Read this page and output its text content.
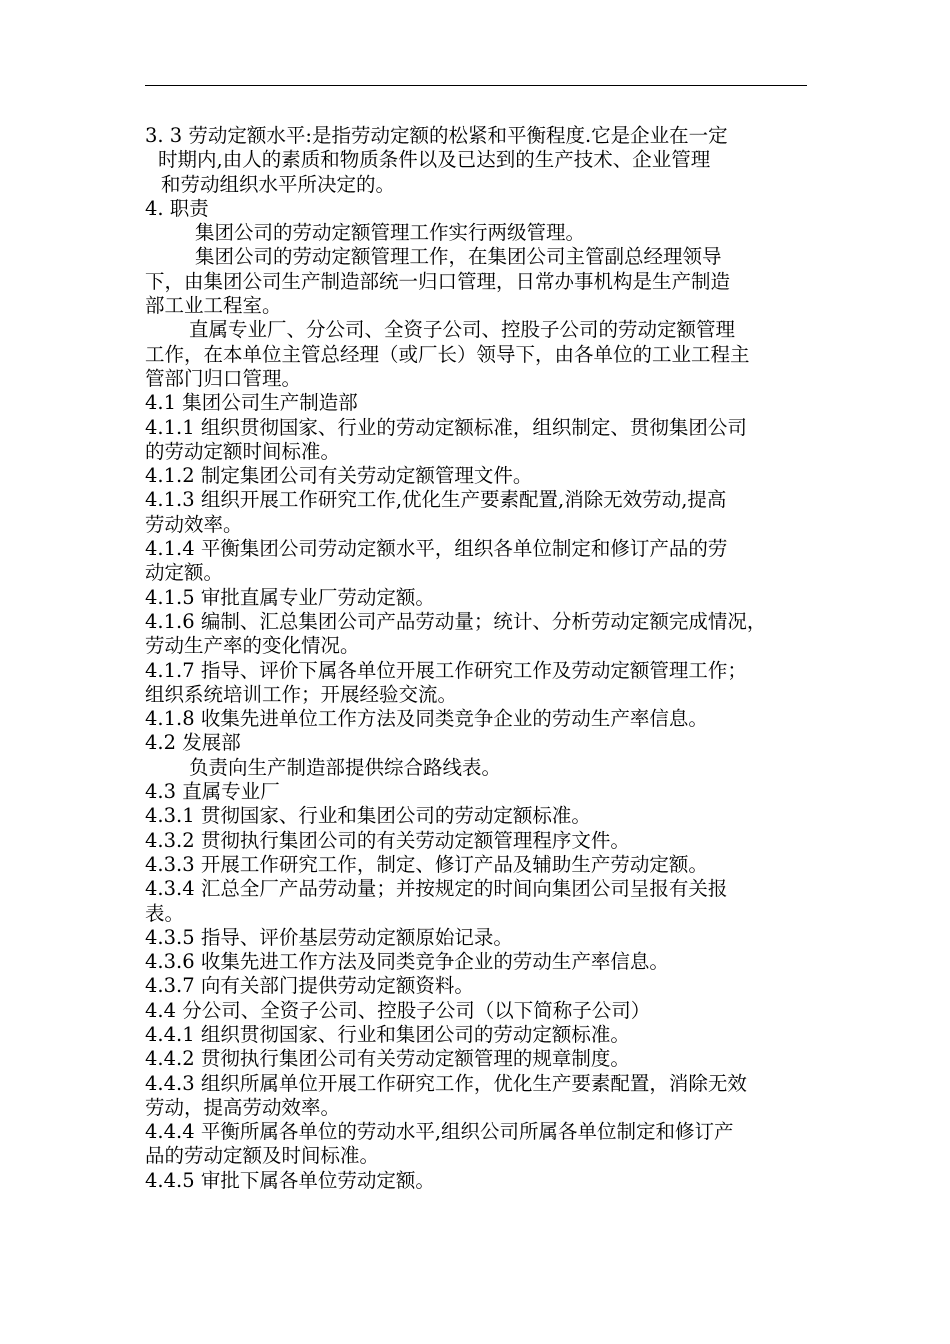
3. 3 劳动定额水平:是指劳动定额的松紧和平衡程度.它是企业在一定
时期内,由人的素质和物质条件以及已达到的生产技术、企业管理
和劳动组织水平所决定的。
4. 职责
集团公司的劳动定额管理工作实行两级管理。
集团公司的劳动定额管理工作，在集团公司主管副总经理领导
下，由集团公司生产制造部统一归口管理，日常办事机构是生产制造
部工业工程室。
直属专业厂、分公司、全资子公司、控股子公司的劳动定额管理
工作，在本单位主管总经理（或厂长）领导下，由各单位的工业工程主
管部门归口管理。
4.1 集团公司生产制造部
4.1.1 组织贯彻国家、行业的劳动定额标准，组织制定、贯彻集团公司
的劳动定额时间标准。
4.1.2 制定集团公司有关劳动定额管理文件。
4.1.3 组织开展工作研究工作,优化生产要素配置,消除无效劳动,提高
劳动效率。
4.1.4 平衡集团公司劳动定额水平，组织各单位制定和修订产品的劳
动定额。
4.1.5 审批直属专业厂劳动定额。
4.1.6 编制、汇总集团公司产品劳动量；统计、分析劳动定额完成情况，
劳动生产率的变化情况。
4.1.7 指导、评价下属各单位开展工作研究工作及劳动定额管理工作；
组织系统培训工作；开展经验交流。
4.1.8 收集先进单位工作方法及同类竞争企业的劳动生产率信息。
4.2 发展部
负责向生产制造部提供综合路线表。
4.3 直属专业厂
4.3.1 贯彻国家、行业和集团公司的劳动定额标准。
4.3.2 贯彻执行集团公司的有关劳动定额管理程序文件。
4.3.3 开展工作研究工作，制定、修订产品及辅助生产劳动定额。
4.3.4 汇总全厂产品劳动量；并按规定的时间向集团公司呈报有关报
表。
4.3.5 指导、评价基层劳动定额原始记录。
4.3.6 收集先进工作方法及同类竞争企业的劳动生产率信息。
4.3.7 向有关部门提供劳动定额资料。
4.4 分公司、全资子公司、控股子公司（以下简称子公司）
4.4.1 组织贯彻国家、行业和集团公司的劳动定额标准。
4.4.2 贯彻执行集团公司有关劳动定额管理的规章制度。
4.4.3 组织所属单位开展工作研究工作，优化生产要素配置，消除无效
劳动，提高劳动效率。
4.4.4 平衡所属各单位的劳动水平,组织公司所属各单位制定和修订产
品的劳动定额及时间标准。
4.4.5 审批下属各单位劳动定额。
